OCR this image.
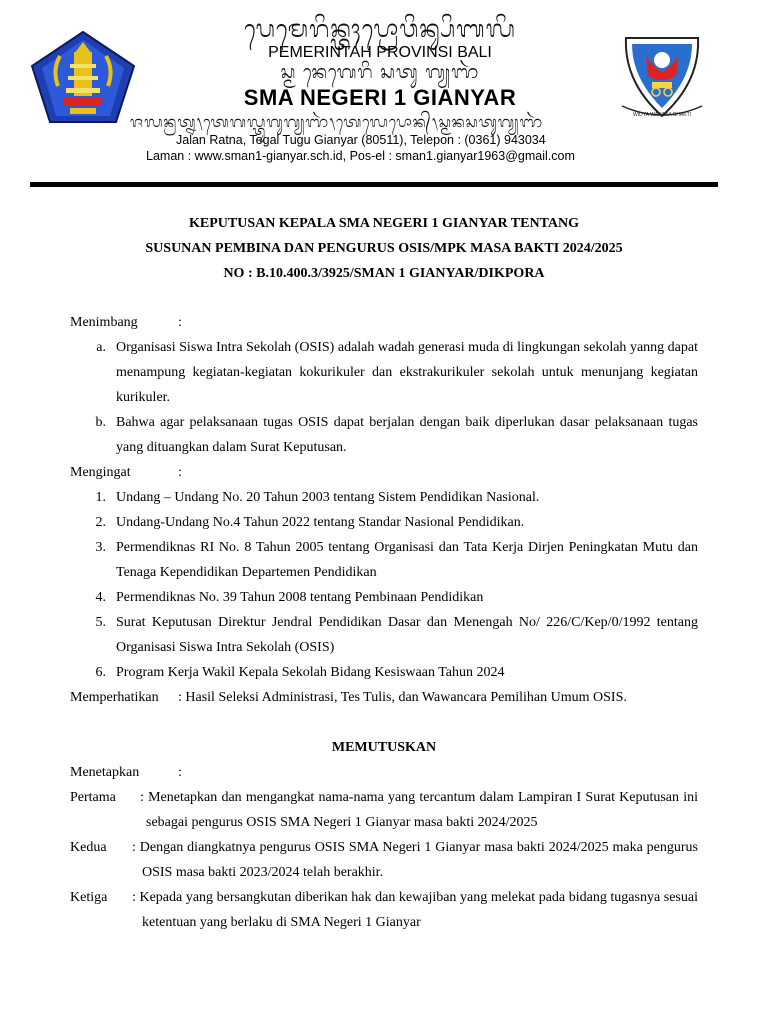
ᬧᬾᬫᬾᬭᬶᬦ᭄ᬢᬄᬧ᭄ᬭᭀᬯᬶᬦ᭄ᬲᬶᬩᬮᬶ
PEMERINTAH PROVINSI BALI
ᬲ᭄ᬫ ᬦᬾᬕᬾᬭᬶ ᬲᬢᬸ ᬕ᭄ᬬᬜᬃ
SMA NEGERI 1 GIANYAR
ᬚᬮᬦ᭄ᬭᬢ᭄ᬦ᭞ᬢᬾᬕᬮ᭄ᬢᬸᬕᬸᬕ᭄ᬬᬜᬃ᭞ᬢᬾᬮᬾᬧᭀᬦ᭄᭞ᬲ᭄ᬫᬦᬲᬢᬸᬕ᭄ᬬᬜᬃ
Jalan Ratna, Tegal Tugu Gianyar (80511), Telepon : (0361) 943034
Laman : www.sman1-gianyar.sch.id, Pos-el : sman1.gianyar1963@gmail.com
WIDYA WAHANA BHAKTI
KEPUTUSAN KEPALA SMA NEGERI 1 GIANYAR TENTANG
SUSUNAN PEMBINA DAN PENGURUS OSIS/MPK MASA BAKTI 2024/2025
NO : B.10.400.3/3925/SMAN 1 GIANYAR/DIKPORA
Menimbang	:
a. Organisasi Siswa Intra Sekolah (OSIS) adalah wadah generasi muda di lingkungan sekolah yanng dapat menampung kegiatan-kegiatan kokurikuler dan ekstrakurikuler sekolah untuk menunjang kegiatan kurikuler.
b. Bahwa agar pelaksanaan tugas OSIS dapat berjalan dengan baik diperlukan dasar pelaksanaan tugas yang dituangkan dalam Surat Keputusan.
Mengingat	:
1. Undang – Undang No. 20 Tahun 2003 tentang Sistem Pendidikan Nasional.
2. Undang-Undang No.4 Tahun 2022 tentang Standar Nasional Pendidikan.
3. Permendiknas RI No. 8 Tahun 2005 tentang Organisasi dan Tata Kerja Dirjen Peningkatan Mutu dan Tenaga Kependidikan Departemen Pendidikan
4. Permendiknas No. 39 Tahun 2008 tentang Pembinaan Pendidikan
5. Surat Keputusan Direktur Jendral Pendidikan Dasar dan Menengah No/ 226/C/Kep/0/1992 tentang Organisasi Siswa Intra Sekolah (OSIS)
6. Program Kerja Wakil Kepala Sekolah Bidang Kesiswaan Tahun 2024
Memperhatikan : Hasil Seleksi Administrasi, Tes Tulis, dan Wawancara Pemilihan Umum OSIS.
MEMUTUSKAN
Menetapkan	:
Pertama	: Menetapkan dan mengangkat nama-nama yang tercantum dalam Lampiran I Surat Keputusan ini sebagai pengurus OSIS SMA Negeri 1 Gianyar masa bakti 2024/2025
Kedua	: Dengan diangkatnya pengurus OSIS SMA Negeri 1 Gianyar masa bakti 2024/2025 maka pengurus OSIS masa bakti 2023/2024 telah berakhir.
Ketiga	: Kepada yang bersangkutan diberikan hak dan kewajiban yang melekat pada bidang tugasnya sesuai ketentuan yang berlaku di SMA Negeri 1 Gianyar
